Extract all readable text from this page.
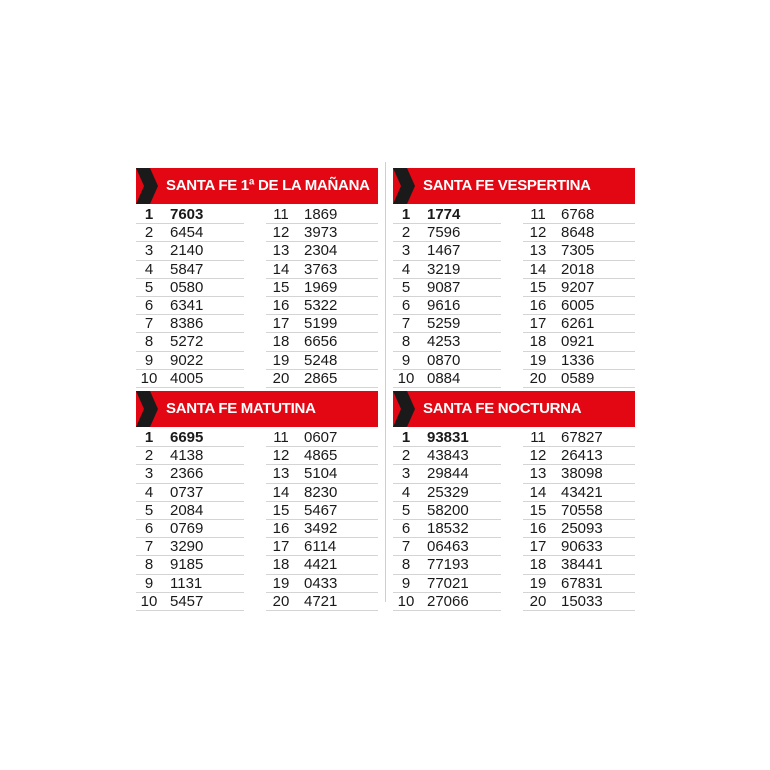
SANTA FE 1ª DE LA MAÑANA
1	7603
2	6454
3	2140
4	5847
5	0580
6	6341
7	8386
8	5272
9	9022
10 4005
11	1869
12 3973
13 2304
14 3763
15 1969
16 5322
17 5199
18 6656
19 5248
20 2865
SANTA FE VESPERTINA
1	1774
2	7596
3	1467
4	3219
5	9087
6	9616
7	5259
8	4253
9	0870
10 0884
11	6768
12 8648
13 7305
14 2018
15 9207
16 6005
17 6261
18 0921
19 1336
20 0589
SANTA FE MATUTINA
1	6695
2	4138
3	2366
4	0737
5	2084
6	0769
7	3290
8	9185
9	1131
10 5457
11	0607
12 4865
13 5104
14 8230
15 5467
16 3492
17 6114
18 4421
19 0433
20 4721
SANTA FE NOCTURNA
1	93831
2	43843
3	29844
4	25329
5	58200
6	18532
7	06463
8	77193
9	77021
10 27066
11	67827
12 26413
13 38098
14 43421
15 70558
16 25093
17 90633
18 38441
19 67831
20 15033
